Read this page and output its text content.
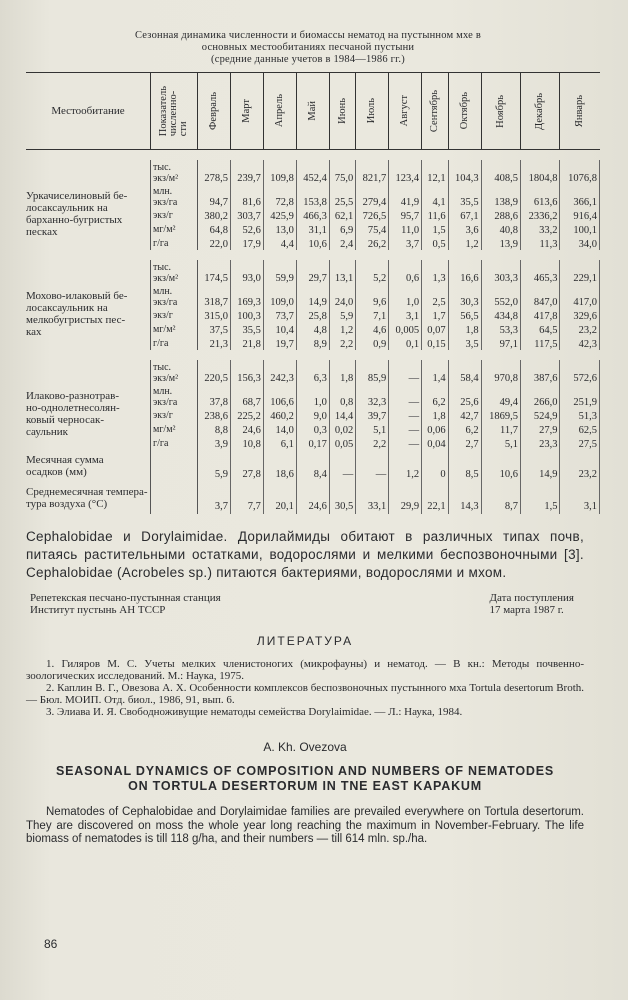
Сезонная динамика численности и биомассы нематод на пустынном мхе в
основных местообитаниях песчаной пустыни
(средние данные учетов в 1984—1986 гг.)
Местообитание	Показатель
численно-
сти	Февраль	Март	Апрель	Май	Июнь	Июль	Август	Сентябрь	Октябрь	Ноябрь	Декабрь	Январь

Уркачиселиновый бе-
лосаксаульник на
барханно-бугристых
песках	тыс.
экз/м²	278,5	239,7	109,8	452,4	75,0	821,7	123,4	12,1	104,3	408,5	1804,8	1076,8
	млн.
экз/га	94,7	81,6	72,8	153,8	25,5	279,4	41,9	4,1	35,5	138,9	613,6	366,1
	экз/г	380,2	303,7	425,9	466,3	62,1	726,5	95,7	11,6	67,1	288,6	2336,2	916,4
	мг/м²	64,8	52,6	13,0	31,1	6,9	75,4	11,0	1,5	3,6	40,8	33,2	100,1
	г/га	22,0	17,9	4,4	10,6	2,4	26,2	3,7	0,5	1,2	13,9	11,3	34,0

Мохово-илаковый бе-
лосаксаульник на
мелкобугристых пес-
ках	тыс.
экз/м²	174,5	93,0	59,9	29,7	13,1	5,2	0,6	1,3	16,6	303,3	465,3	229,1
	млн.
экз/га	318,7	169,3	109,0	14,9	24,0	9,6	1,0	2,5	30,3	552,0	847,0	417,0
	экз/г	315,0	100,3	73,7	25,8	5,9	7,1	3,1	1,7	56,5	434,8	417,8	329,6
	мг/м²	37,5	35,5	10,4	4,8	1,2	4,6	0,005	0,07	1,8	53,3	64,5	23,2
	г/га	21,3	21,8	19,7	8,9	2,2	0,9	0,1	0,15	3,5	97,1	117,5	42,3

Илаково-разнотрав-
но-однолетнесолян-
ковый черносак-
саульник	тыс.
экз/м²	220,5	156,3	242,3	6,3	1,8	85,9	—	1,4	58,4	970,8	387,6	572,6
	млн.
экз/га	37,8	68,7	106,6	1,0	0,8	32,3	—	6,2	25,6	49,4	266,0	251,9
	экз/г	238,6	225,2	460,2	9,0	14,4	39,7	—	1,8	42,7	1869,5	524,9	51,3
	мг/м²	8,8	24,6	14,0	0,3	0,02	5,1	—	0,06	6,2	11,7	27,9	62,5
	г/га	3,9	10,8	6,1	0,17	0,05	2,2	—	0,04	2,7	5,1	23,3	27,5
Месячная сумма
осадков (мм)		5,9	27,8	18,6	8,4	—	—	1,2	0	8,5	10,6	14,9	23,2
Среднемесячная темпера-
тура воздуха (°С)		3,7	7,7	20,1	24,6	30,5	33,1	29,9	22,1	14,3	8,7	1,5	3,1
Cephalobidae и Dorylaimidae. Дорилаймиды обитают в различных типах почв, питаясь растительными остатками, водорослями и мелкими беспозвоночными [3]. Cephalobidae (Acrobeles sp.) питаются бактериями, водорослями и мхом.
Репетекская песчано-пустынная станция
Институт пустынь АН ТССР
Дата поступления
17 марта 1987 г.
ЛИТЕРАТУРА

1. Гиляров М. С. Учеты мелких членистоногих (микрофауны) и нематод. — В кн.: Методы почвенно-зоологических исследований. М.: Наука, 1975.

2. Каплин В. Г., Овезова А. Х. Особенности комплексов беспозвоночных пустынного мха Tortula desertorum Broth. — Бюл. МОИП. Отд. биол., 1986, 91, вып. 6.

3. Элиава И. Я. Свободноживущие нематоды семейства Dorylaimidae. — Л.: Наука, 1984.

A. Kh. Ovezova
SEASONAL DYNAMICS OF COMPOSITION AND NUMBERS OF NEMATODES
ON TORTULA DESERTORUM IN TNE EAST KAPAKUM
Nematodes of Cephalobidae and Dorylaimidae families are prevailed everywhere on Tortula desertorum. They are discovered on moss the whole year long reaching the maximum in November-February. The life biomass of nematodes is till 118 g/ha, and their numbers — till 614 mln. sp./ha.
86
